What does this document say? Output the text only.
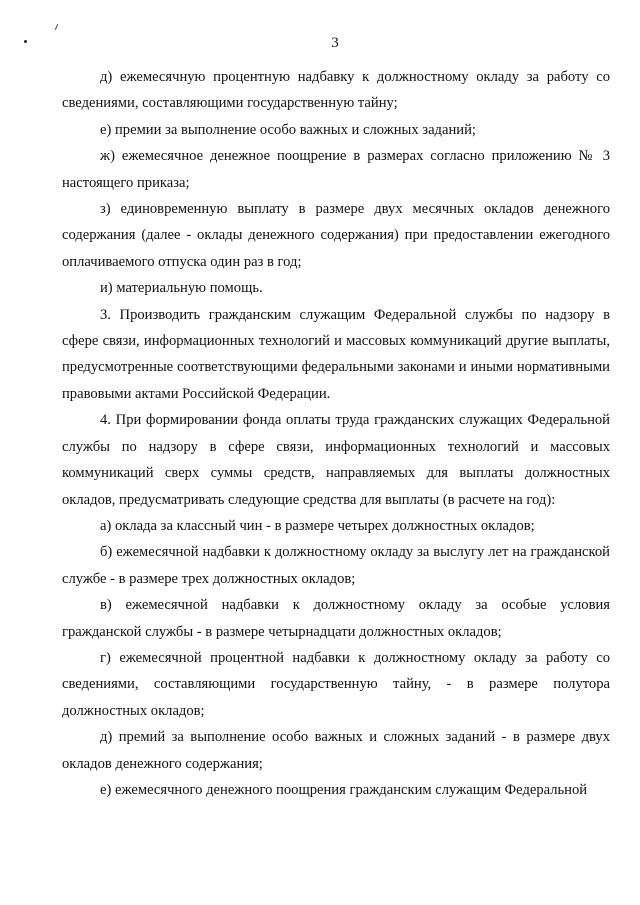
3

д) ежемесячную процентную надбавку к должностному окладу за работу со сведениями, составляющими государственную тайну;

е) премии за выполнение особо важных и сложных заданий;

ж) ежемесячное денежное поощрение в размерах согласно приложению № 3 настоящего приказа;

з) единовременную выплату в размере двух месячных окладов денежного содержания (далее - оклады денежного содержания) при предоставлении ежегодного оплачиваемого отпуска один раз в год;

и) материальную помощь.

3. Производить гражданским служащим Федеральной службы по надзору в сфере связи, информационных технологий и массовых коммуникаций другие выплаты, предусмотренные соответствующими федеральными законами и иными нормативными правовыми актами Российской Федерации.

4. При формировании фонда оплаты труда гражданских служащих Федеральной службы по надзору в сфере связи, информационных технологий и массовых коммуникаций сверх суммы средств, направляемых для выплаты должностных окладов, предусматривать следующие средства для выплаты (в расчете на год):

а) оклада за классный чин - в размере четырех должностных окладов;

б) ежемесячной надбавки к должностному окладу за выслугу лет на гражданской службе - в размере трех должностных окладов;

в) ежемесячной надбавки к должностному окладу за особые условия гражданской службы - в размере четырнадцати должностных окладов;

г) ежемесячной процентной надбавки к должностному окладу за работу со сведениями, составляющими государственную тайну, - в размере полутора должностных окладов;

д) премий за выполнение особо важных и сложных заданий - в размере двух окладов денежного содержания;

е) ежемесячного денежного поощрения гражданским служащим Федеральной
